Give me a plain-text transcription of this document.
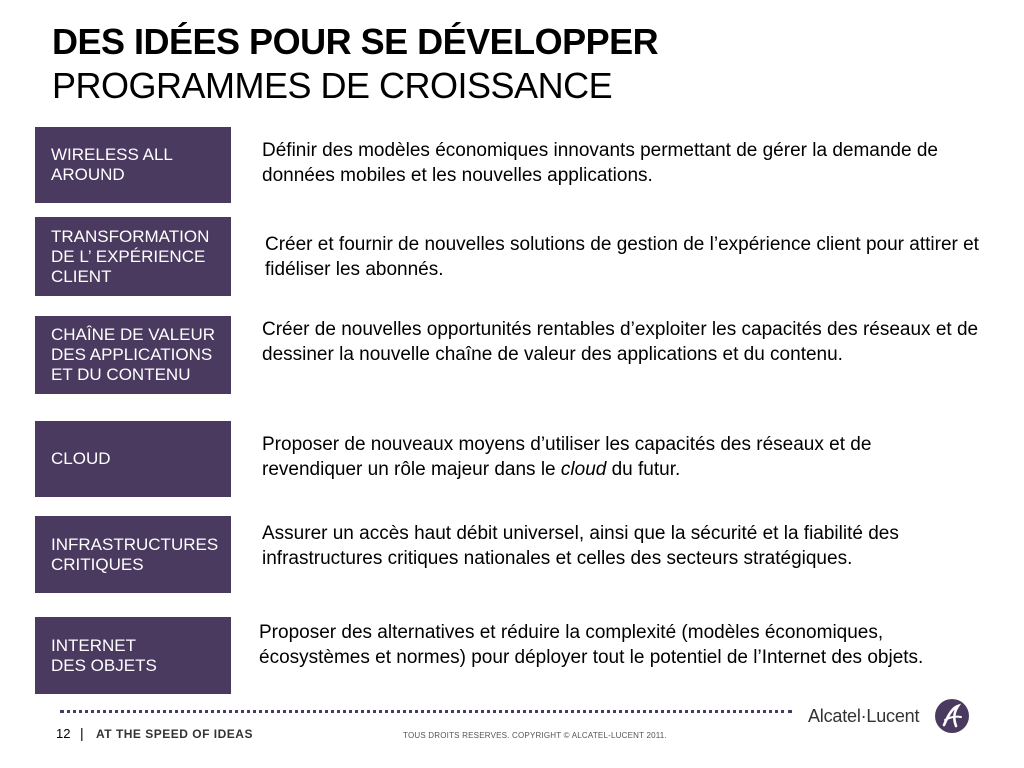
DES IDÉES POUR SE DÉVELOPPER
PROGRAMMES DE CROISSANCE
WIRELESS ALL
AROUND
Définir des modèles économiques innovants permettant de gérer la demande de données mobiles et les nouvelles applications.
TRANSFORMATION
DE L’ EXPÉRIENCE
CLIENT
Créer et fournir de nouvelles solutions de gestion de l’expérience client pour attirer et fidéliser les abonnés.
CHAÎNE DE VALEUR
DES APPLICATIONS
ET DU CONTENU
Créer de nouvelles opportunités rentables d’exploiter les capacités des réseaux et de dessiner la nouvelle chaîne de valeur des applications et du contenu.
CLOUD
Proposer de nouveaux moyens d’utiliser les capacités des réseaux et de revendiquer un rôle majeur dans le cloud du futur.
INFRASTRUCTURES
CRITIQUES
Assurer un accès haut débit universel, ainsi que la sécurité et la fiabilité des infrastructures critiques nationales et celles des secteurs stratégiques.
INTERNET
DES OBJETS
Proposer des alternatives et réduire la complexité (modèles économiques, écosystèmes et normes) pour déployer tout le potentiel de l’Internet des objets.
12 | AT THE SPEED OF IDEAS	TOUS DROITS RESERVES. COPYRIGHT © ALCATEL-LUCENT 2011.
Alcatel·Lucent
